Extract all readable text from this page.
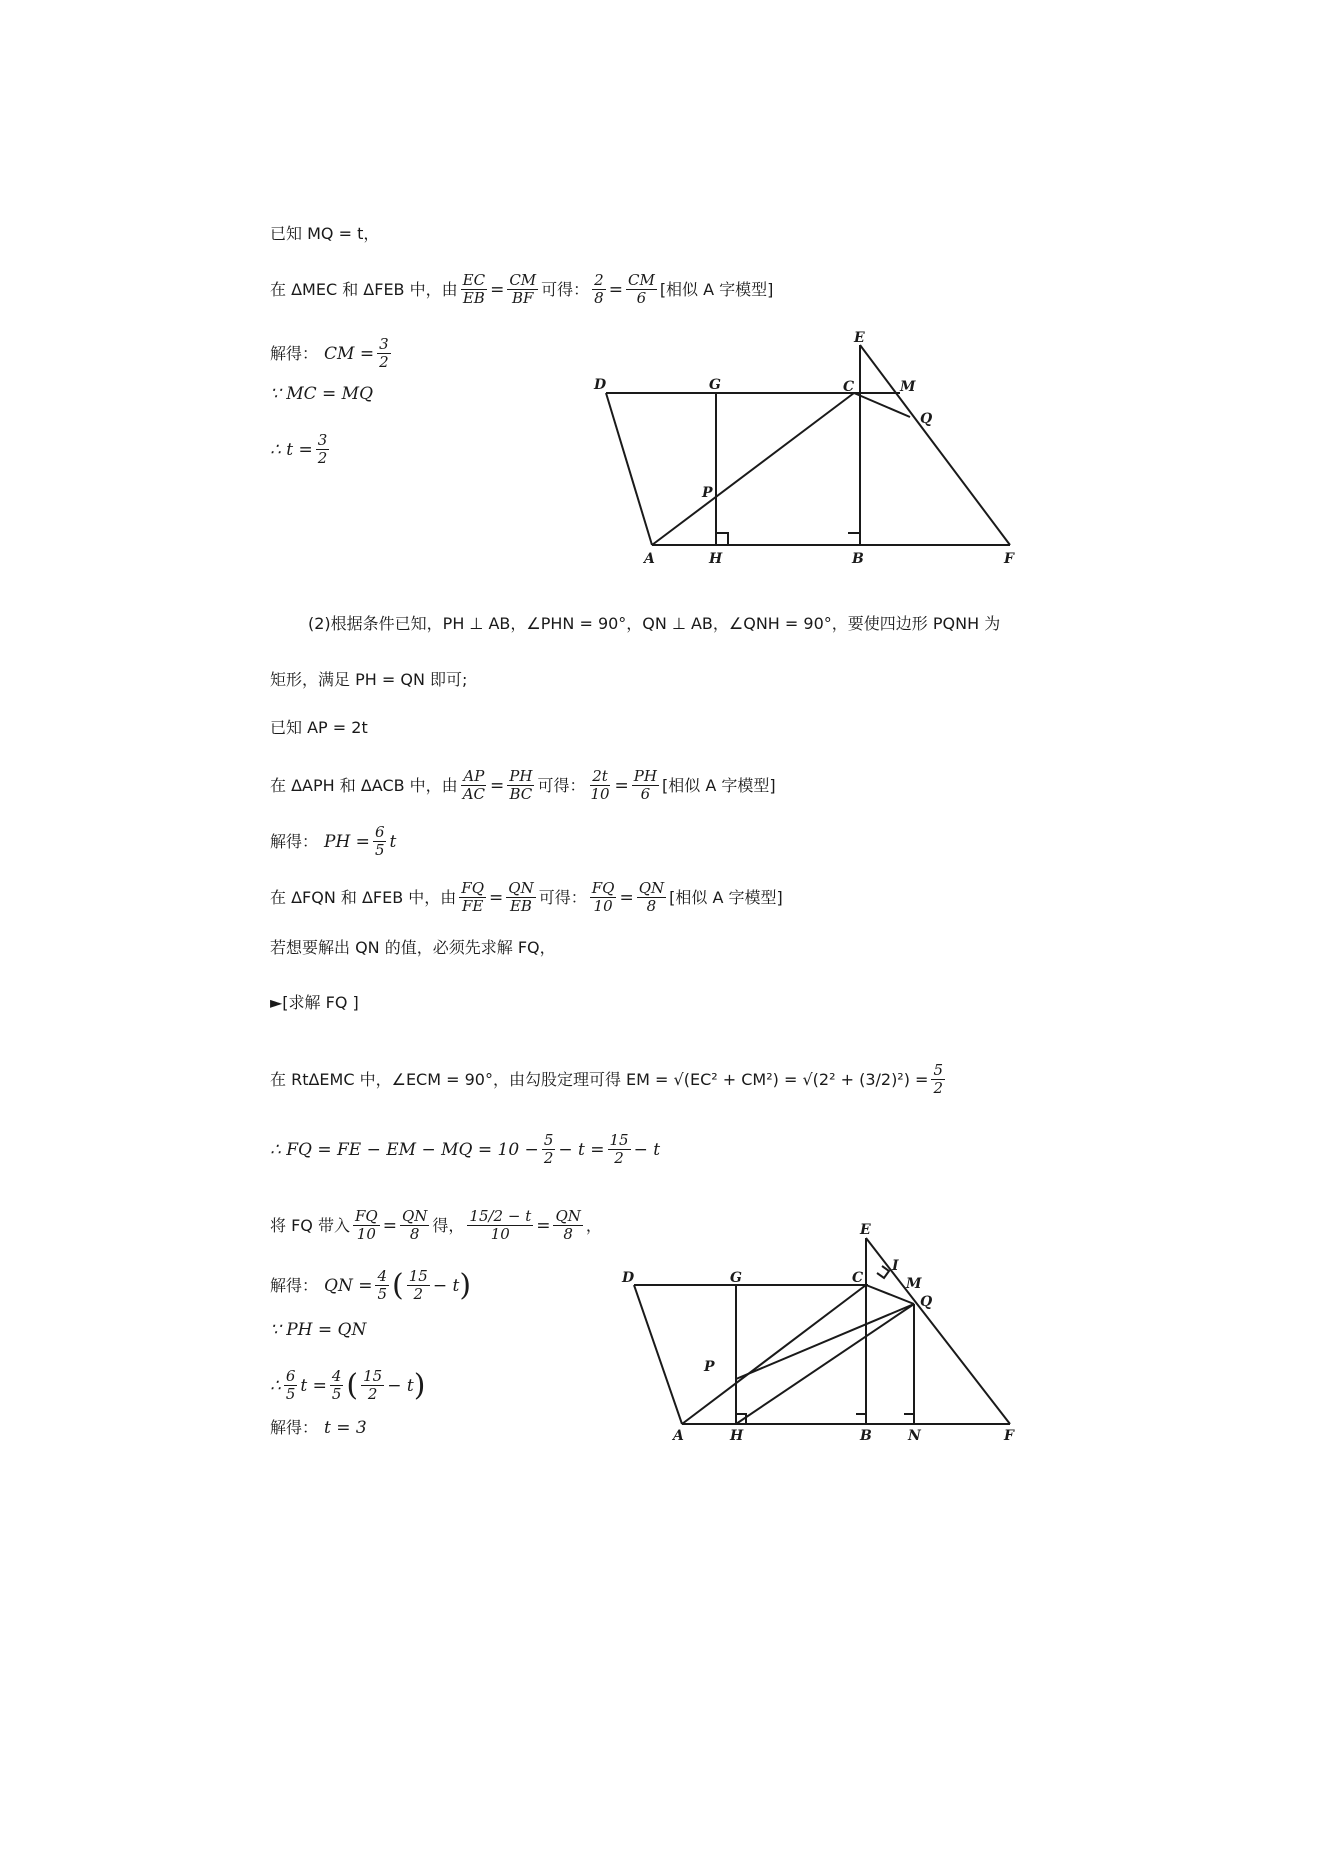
已知 MQ = t，
在 ΔMEC 和 ΔFEB 中，由 $\frac{EC}{EB} = \frac{CM}{BF}$ 可得： $\frac{2}{8} = \frac{CM}{6}$ [相似 A 字模型]
解得： CM = $\frac{3}{2}$
∵ MC = MQ
∴ $t = \frac{3}{2}$
E
D	G	C	M
Q
P
A	H	B	F
(2)根据条件已知，PH ⊥ AB，∠PHN = 90°，QN ⊥ AB，∠QNH = 90°，要使四边形 PQNH 为
矩形，满足 PH = QN 即可;
已知 AP = 2t
在 ΔAPH 和 ΔACB 中，由 $\frac{AP}{AC} = \frac{PH}{BC}$ 可得： $\frac{2t}{10} = \frac{PH}{6}$ [相似 A 字模型]
解得： PH = $\frac{6}{5}$ t
在 ΔFQN 和 ΔFEB 中，由 $\frac{FQ}{FE} = \frac{QN}{EB}$ 可得： $\frac{FQ}{10} = \frac{QN}{8}$ [相似 A 字模型]
若想要解出 QN 的值，必须先求解 FQ，
►[求解 FQ ]
在 RtΔEMC 中，∠ECM = 90°，由勾股定理可得 EM = $√(EC^2 + CM^2) = √(2^2 + (3/2)^2) = \frac{5}{2}$
∴ FQ = FE − EM − MQ = $10 - \frac{5}{2} - t = \frac{15}{2} - t$
将 FQ 带入 $\frac{FQ}{10} = \frac{QN}{8}$ 得， $\frac{15/2 - t}{10} = \frac{QN}{8}$ ，
解得： QN = $\frac{4}{5}$ ( $\frac{15}{2} - t$ )
∵ PH = QN
∴ $\frac{6}{5}$ $t = \frac{4}{5}$ ( $\frac{15}{2} - t$ )
解得： t = 3
E
I
D	G	C	M
Q
P
A	H	B	N	F
